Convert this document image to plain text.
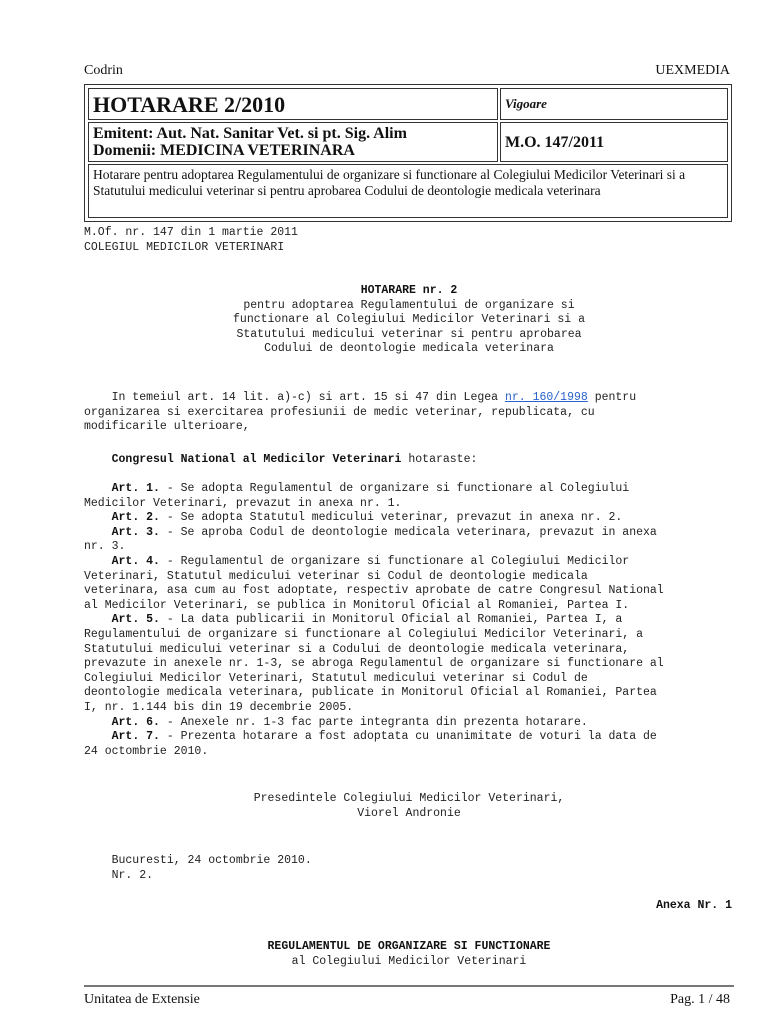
Codrin	UEXMEDIA
HOTARARE 2/2010	Vigoare
Emitent: Aut. Nat. Sanitar Vet. si pt. Sig. Alim
Domenii: MEDICINA VETERINARA	M.O. 147/2011
Hotarare pentru adoptarea Regulamentului de organizare si functionare al Colegiului Medicilor Veterinari si a Statutului medicului veterinar si pentru aprobarea Codului de deontologie medicala veterinara
M.Of. nr. 147 din 1 martie 2011
COLEGIUL MEDICILOR VETERINARI
HOTARARE nr. 2
pentru adoptarea Regulamentului de organizare si
functionare al Colegiului Medicilor Veterinari si a
Statutului medicului veterinar si pentru aprobarea
Codului de deontologie medicala veterinara
In temeiul art. 14 lit. a)-c) si art. 15 si 47 din Legea nr. 160/1998 pentru
organizarea si exercitarea profesiunii de medic veterinar, republicata, cu
modificarile ulterioare,
Congresul National al Medicilor Veterinari hotaraste:
Art. 1. - Se adopta Regulamentul de organizare si functionare al Colegiului
Medicilor Veterinari, prevazut in anexa nr. 1.
Art. 2. - Se adopta Statutul medicului veterinar, prevazut in anexa nr. 2.
Art. 3. - Se aproba Codul de deontologie medicala veterinara, prevazut in anexa
nr. 3.
Art. 4. - Regulamentul de organizare si functionare al Colegiului Medicilor
Veterinari, Statutul medicului veterinar si Codul de deontologie medicala
veterinara, asa cum au fost adoptate, respectiv aprobate de catre Congresul National
al Medicilor Veterinari, se publica in Monitorul Oficial al Romaniei, Partea I.
Art. 5. - La data publicarii in Monitorul Oficial al Romaniei, Partea I, a
Regulamentului de organizare si functionare al Colegiului Medicilor Veterinari, a
Statutului medicului veterinar si a Codului de deontologie medicala veterinara,
prevazute in anexele nr. 1-3, se abroga Regulamentul de organizare si functionare al
Colegiului Medicilor Veterinari, Statutul medicului veterinar si Codul de
deontologie medicala veterinara, publicate in Monitorul Oficial al Romaniei, Partea
I, nr. 1.144 bis din 19 decembrie 2005.
Art. 6. - Anexele nr. 1-3 fac parte integranta din prezenta hotarare.
Art. 7. - Prezenta hotarare a fost adoptata cu unanimitate de voturi la data de
24 octombrie 2010.
Presedintele Colegiului Medicilor Veterinari,
Viorel Andronie
Bucuresti, 24 octombrie 2010.
Nr. 2.
Anexa Nr. 1
REGULAMENTUL DE ORGANIZARE SI FUNCTIONARE
al Colegiului Medicilor Veterinari
Unitatea de Extensie	Pag. 1 / 48
